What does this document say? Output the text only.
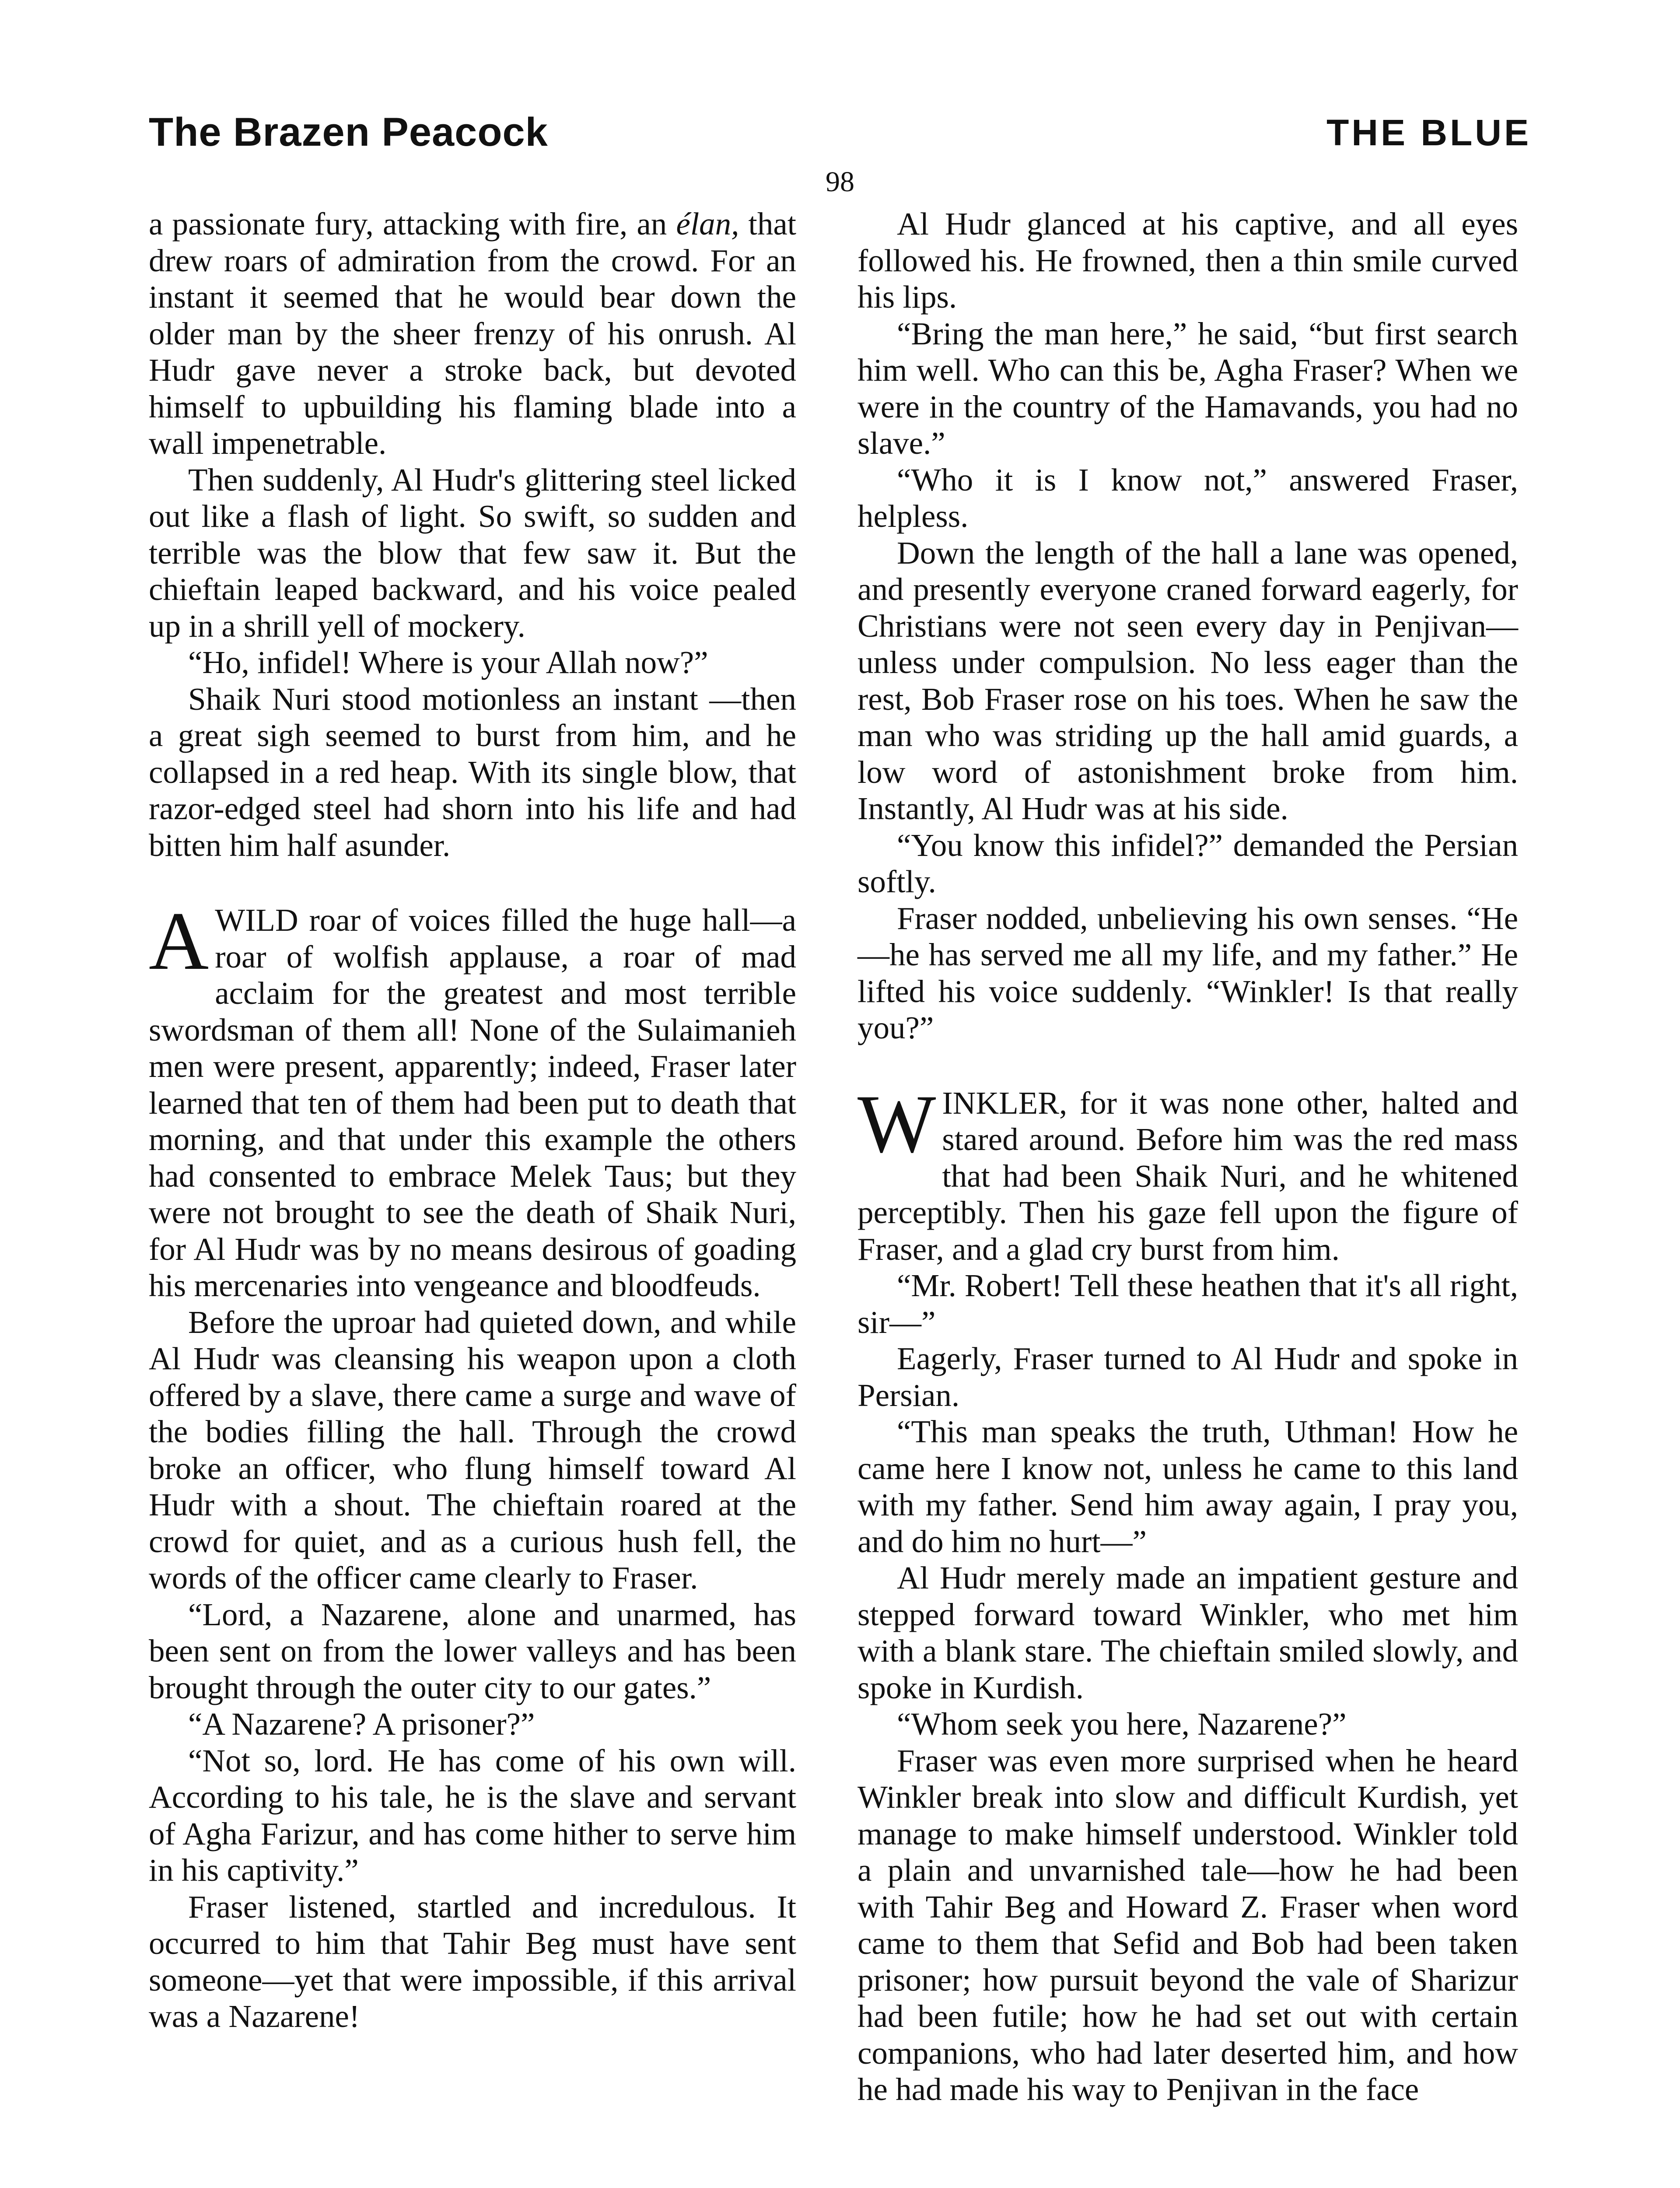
The Brazen Peacock	THE BLUE
98

a passionate fury, attacking with fire, an élan, that drew roars of admiration from the crowd. For an instant it seemed that he would bear down the older man by the sheer frenzy of his onrush. Al Hudr gave never a stroke back, but devoted himself to upbuilding his flaming blade into a wall impenetrable.

Then suddenly, Al Hudr's glittering steel licked out like a flash of light. So swift, so sudden and terrible was the blow that few saw it. But the chieftain leaped backward, and his voice pealed up in a shrill yell of mockery.

“Ho, infidel! Where is your Allah now?”

Shaik Nuri stood motionless an instant —then a great sigh seemed to burst from him, and he collapsed in a red heap. With its single blow, that razor-edged steel had shorn into his life and had bitten him half asunder.

AWILD roar of voices filled the huge hall—a roar of wolfish applause, a roar of mad acclaim for the greatest and most terrible swordsman of them all! None of the Sulaimanieh men were present, apparently; indeed, Fraser later learned that ten of them had been put to death that morning, and that under this example the others had consented to embrace Melek Taus; but they were not brought to see the death of Shaik Nuri, for Al Hudr was by no means desirous of goading his mercenaries into vengeance and bloodfeuds.

Before the uproar had quieted down, and while Al Hudr was cleansing his weapon upon a cloth offered by a slave, there came a surge and wave of the bodies filling the hall. Through the crowd broke an officer, who flung himself toward Al Hudr with a shout. The chieftain roared at the crowd for quiet, and as a curious hush fell, the words of the officer came clearly to Fraser.

“Lord, a Nazarene, alone and unarmed, has been sent on from the lower valleys and has been brought through the outer city to our gates.”

“A Nazarene? A prisoner?”

“Not so, lord. He has come of his own will. According to his tale, he is the slave and servant of Agha Farizur, and has come hither to serve him in his captivity.”

Fraser listened, startled and incredulous. It occurred to him that Tahir Beg must have sent someone—yet that were impossible, if this arrival was a Nazarene!

Al Hudr glanced at his captive, and all eyes followed his. He frowned, then a thin smile curved his lips.

“Bring the man here,” he said, “but first search him well. Who can this be, Agha Fraser? When we were in the country of the Hamavands, you had no slave.”

“Who it is I know not,” answered Fraser, helpless.

Down the length of the hall a lane was opened, and presently everyone craned forward eagerly, for Christians were not seen every day in Penjivan—unless under compulsion. No less eager than the rest, Bob Fraser rose on his toes. When he saw the man who was striding up the hall amid guards, a low word of astonishment broke from him. Instantly, Al Hudr was at his side.

“You know this infidel?” demanded the Persian softly.

Fraser nodded, unbelieving his own senses. “He—he has served me all my life, and my father.” He lifted his voice suddenly. “Winkler! Is that really you?”

WINKLER, for it was none other, halted and stared around. Before him was the red mass that had been Shaik Nuri, and he whitened perceptibly. Then his gaze fell upon the figure of Fraser, and a glad cry burst from him.

“Mr. Robert! Tell these heathen that it's all right, sir—”

Eagerly, Fraser turned to Al Hudr and spoke in Persian.

“This man speaks the truth, Uthman! How he came here I know not, unless he came to this land with my father. Send him away again, I pray you, and do him no hurt—”

Al Hudr merely made an impatient gesture and stepped forward toward Winkler, who met him with a blank stare. The chieftain smiled slowly, and spoke in Kurdish.

“Whom seek you here, Nazarene?”

Fraser was even more surprised when he heard Winkler break into slow and difficult Kurdish, yet manage to make himself understood. Winkler told a plain and unvarnished tale—how he had been with Tahir Beg and Howard Z. Fraser when word came to them that Sefid and Bob had been taken prisoner; how pursuit beyond the vale of Sharizur had been futile; how he had set out with certain companions, who had later deserted him, and how he had made his way to Penjivan in the face
